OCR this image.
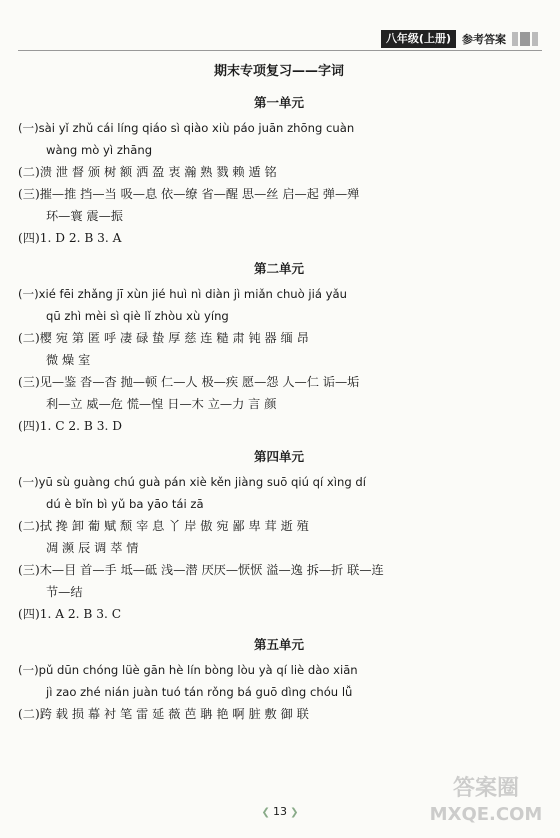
八年级(上册)	参考答案
期末专项复习——字词
第一单元
(一)sài yǐ zhǔ cái líng qiáo sì qiào xiù páo juān zhōng cuàn
wàng mò yì zhāng
(二)溃 泄 督 颁 树 额 洒 盈 衷 瀚 熟 戮 赖 遁 铭
(三)摧—推 挡—当 吸—息 依—缭 省—醒 思—丝 启—起 弹—殚
环—寰 震—振
(四)1. D 2. B 3. A
第二单元
(一)xié fēi zhǎng jī xùn jié huì nì diàn jì miǎn chuò jiá yǎu
qū zhì mèi sì qiè lǐ zhòu xù yíng
(二)樱 宛 第 匿 呼 凄 碌 蛰 厚 慈 连 糙 肃 钝 器 缅 昂
微 燥 室
(三)见—鉴 沓—杳 抛—顿 仁—人 极—疾 愿—怨 人—仁 诟—垢
利—立 威—危 慌—惶 日—木 立—力 言 颜
(四)1. C 2. B 3. D
第四单元
(一)yū sù guàng chú guà pán xiè kěn jiàng suō qiú qí xìng dí
dú è bǐn bì yǔ ba yāo tái zā
(二)拭 搀 卸 葡 赋 颓 宰 息 丫 岸 傲 宛 鄙 卑 茸 逝 殖
凋 濒 辰 调 萃 情
(三)木—目 首—手 坻—砥 浅—潜 厌厌—恹恹 溢—逸 拆—折 联—连
节—结
(四)1. A 2. B 3. C
第五单元
(一)pǔ dūn chóng lüè gān hè lín bòng lòu yà qí liè dào xiān
jì zao zhé nián juàn tuó tán rǒng bá guō dìng chóu lǚ
(二)跨 载 损 幕 衬 笔 雷 延 薇 芭 聃 艳 啊 脏 敷 御 联
❮ 13 ❯
答案圈
MXQE.COM
